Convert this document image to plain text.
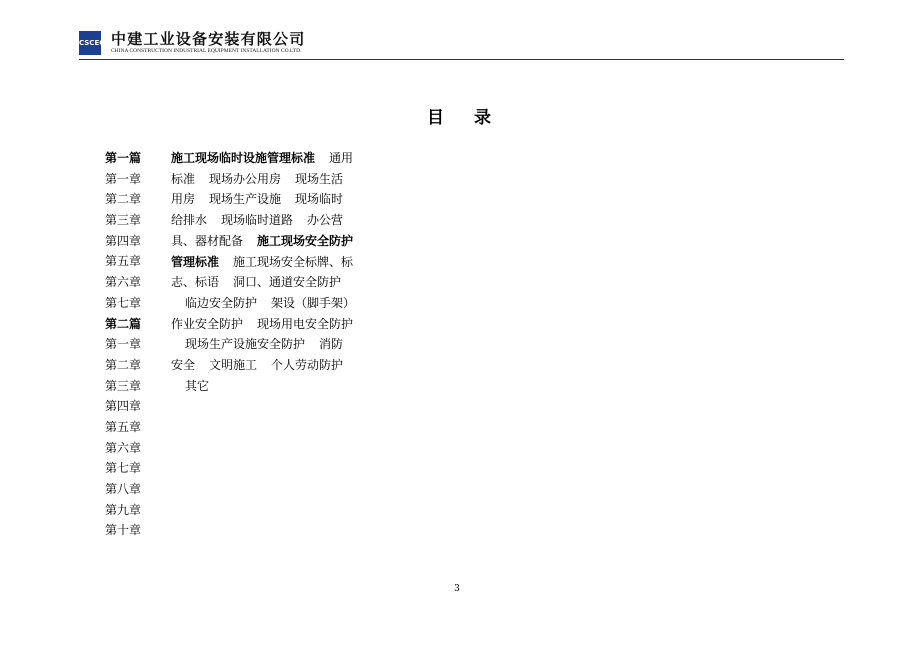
CSCEC 中建工业设备安装有限公司
CHINA CONSTRUCTION INDUSTRIAL EQUIPMENT INSTALLATION CO.LTD.
目 录
第一篇
第一章
第二章
第三章
第四章
第五章
第六章
第七章
第二篇
第一章
第二章
第三章
第四章
第五章
第六章
第七章
第八章
第九章
第十章
施工现场临时设施管理标准 通用标准 现场办公用房 现场生活用房 现场生产设施 现场临时给排水 现场临时道路 办公营具、器材配备 施工现场安全防护管理标准 施工现场安全标牌、标志、标语 洞口、通道安全防护临边安全防护 架设（脚手架）作业安全防护 现场用电安全防护现场生产设施安全防护 消防安全 文明施工 个人劳动防护其它
3
